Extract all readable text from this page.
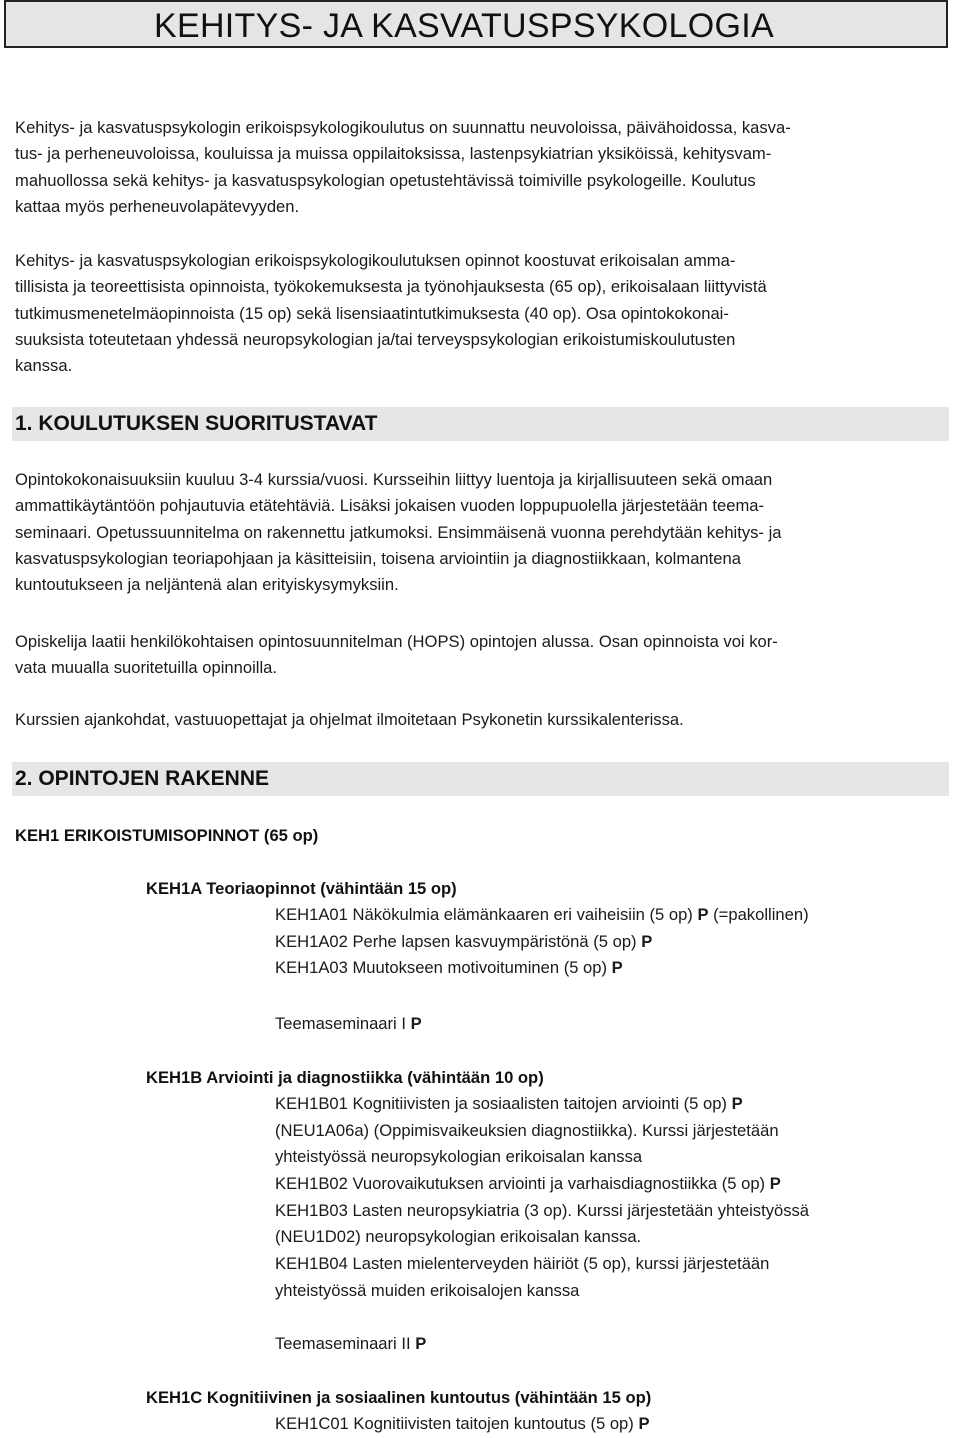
KEHITYS- JA KASVATUSPSYKOLOGIA
Kehitys- ja kasvatuspsykologin erikoispsykologikoulutus on suunnattu neuvoloissa, päivähoidossa, kasva-
tus- ja perheneuvoloissa, kouluissa ja muissa oppilaitoksissa, lastenpsykiatrian yksiköissä, kehitysvam-
mahuollossa sekä kehitys- ja kasvatuspsykologian opetustehtävissä toimiville psykologeille. Koulutus
kattaa myös perheneuvolapätevyyden.
Kehitys- ja kasvatuspsykologian erikoispsykologikoulutuksen opinnot koostuvat erikoisalan amma-
tillisista ja teoreettisista opinnoista, työkokemuksesta ja työnohjauksesta (65 op), erikoisalaan liittyvistä
tutkimusmenetelmäopinnoista (15 op) sekä lisensiaatintutkimuksesta (40 op). Osa opintokokonai-
suuksista toteutetaan yhdessä neuropsykologian ja/tai terveyspsykologian erikoistumiskoulutusten
kanssa.
1. KOULUTUKSEN SUORITUSTAVAT
Opintokokonaisuuksiin kuuluu 3-4 kurssia/vuosi. Kursseihin liittyy luentoja ja kirjallisuuteen sekä omaan
ammattikäytäntöön pohjautuvia etätehtäviä. Lisäksi jokaisen vuoden loppupuolella järjestetään teema-
seminaari. Opetussuunnitelma on rakennettu jatkumoksi. Ensimmäisenä vuonna perehdytään kehitys- ja
kasvatuspsykologian teoriapohjaan ja käsitteisiin, toisena arviointiin ja diagnostiikkaan, kolmantena
kuntoutukseen ja neljäntenä alan erityiskysymyksiin.
Opiskelija laatii henkilökohtaisen opintosuunnitelman (HOPS) opintojen alussa. Osan opinnoista voi kor-
vata muualla suoritetuilla opinnoilla.
Kurssien ajankohdat, vastuuopettajat ja ohjelmat ilmoitetaan Psykonetin kurssikalenterissa.
2. OPINTOJEN RAKENNE
KEH1 ERIKOISTUMISOPINNOT (65 op)
KEH1A Teoriaopinnot (vähintään 15 op)
KEH1A01 Näkökulmia elämänkaaren eri vaiheisiin (5 op) P (=pakollinen)
KEH1A02 Perhe lapsen kasvuympäristönä (5 op) P
KEH1A03 Muutokseen motivoituminen (5 op) P
Teemaseminaari I P
KEH1B Arviointi ja diagnostiikka (vähintään 10 op)
KEH1B01 Kognitiivisten ja sosiaalisten taitojen arviointi (5 op) P
(NEU1A06a) (Oppimisvaikeuksien diagnostiikka). Kurssi järjestetään
yhteistyössä neuropsykologian erikoisalan kanssa
KEH1B02 Vuorovaikutuksen arviointi ja varhaisdiagnostiikka (5 op) P
KEH1B03 Lasten neuropsykiatria (3 op). Kurssi järjestetään yhteistyössä
(NEU1D02) neuropsykologian erikoisalan kanssa.
KEH1B04 Lasten mielenterveyden häiriöt (5 op), kurssi järjestetään
yhteistyössä muiden erikoisalojen kanssa
Teemaseminaari II P
KEH1C Kognitiivinen ja sosiaalinen kuntoutus (vähintään 15 op)
KEH1C01 Kognitiivisten taitojen kuntoutus (5 op) P
